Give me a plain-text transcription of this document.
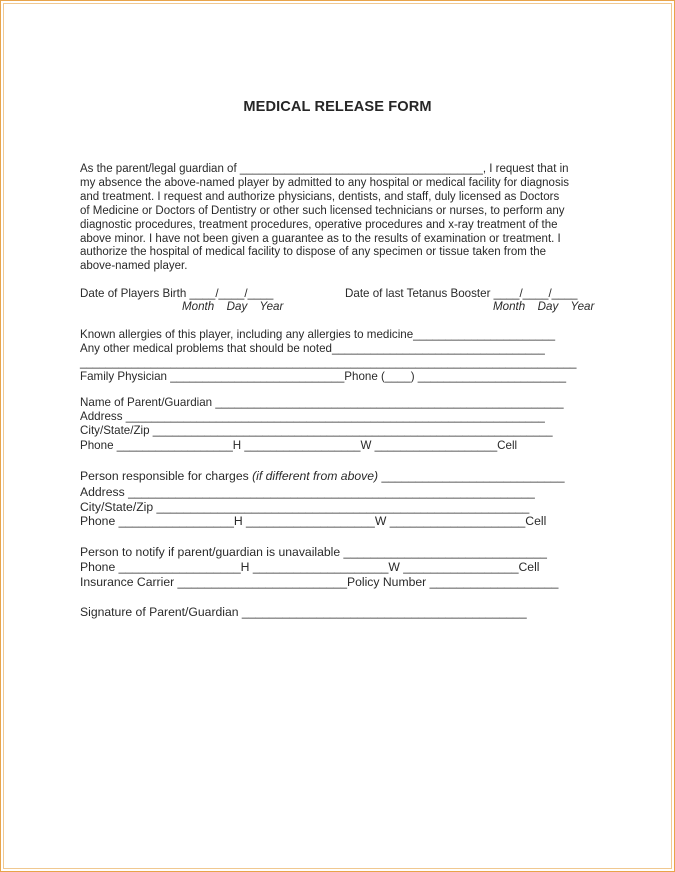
MEDICAL RELEASE FORM
As the parent/legal guardian of ______________________________________, I request that in
my absence the above-named player by admitted to any hospital or medical facility for diagnosis
and treatment. I request and authorize physicians, dentists, and staff, duly licensed as Doctors
of Medicine or Doctors of Dentistry or other such licensed technicians or nurses, to perform any
diagnostic procedures, treatment procedures, operative procedures and x-ray treatment of the
above minor. I have not been given a guarantee as to the results of examination or treatment. I
authorize the hospital of medical facility to dispose of any specimen or tissue taken from the
above-named player.
Date of Players Birth ____/____/____
Month  Day  Year
Date of last Tetanus Booster ____/____/____
Month  Day  Year
Known allergies of this player, including any allergies to medicine______________________
Any other medical problems that should be noted_________________________________
_____________________________________________________________________________
Family Physician ___________________________Phone (____) _______________________
Name of Parent/Guardian ______________________________________________________
Address _________________________________________________________________
City/State/Zip ______________________________________________________________
Phone __________________H __________________W ___________________Cell
Person responsible for charges (if different from above) ___________________________
Address ____________________________________________________________
City/State/Zip _______________________________________________________
Phone _________________H ___________________W ____________________Cell
Person to notify if parent/guardian is unavailable ______________________________
Phone __________________H ____________________W _________________Cell
Insurance Carrier _________________________Policy Number ___________________
Signature of Parent/Guardian __________________________________________
